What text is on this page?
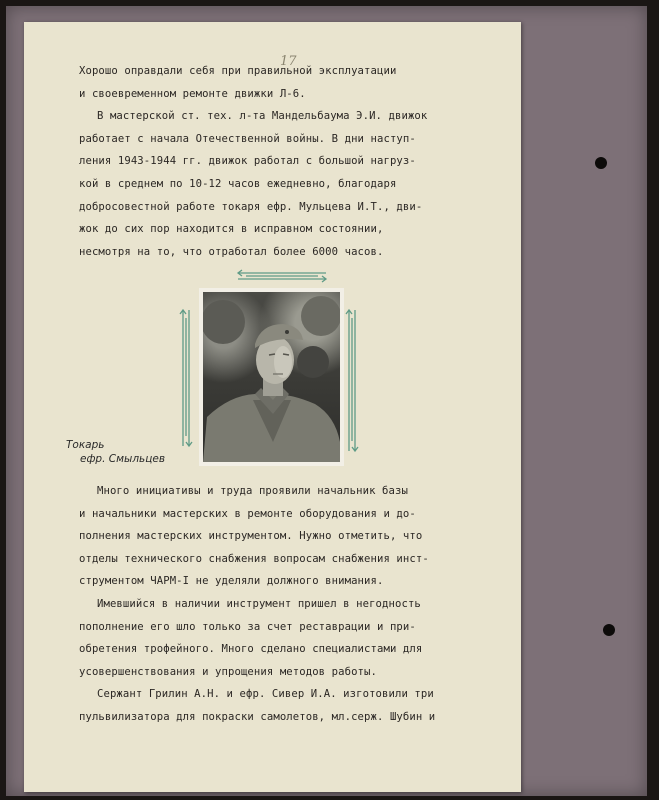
17

Хорошо оправдали себя при правильной эксплуатации

и своевременном ремонте движки Л-6.

В мастерской ст. тех. л-та Мандельбаума Э.И. движок

работает с начала Отечественной войны. В дни наступ-

ления 1943-1944 гг. движок работал с большой нагруз-

кой в среднем по 10-12 часов ежедневно, благодаря

добросовестной работе токаря ефр. Мульцева И.Т., дви-

жок до сих пор находится в исправном состоянии,

несмотря на то, что отработал более 6000 часов.

Токарь
ефр. Смыльцев

Много инициативы и труда проявили начальник базы

и начальники мастерских в ремонте оборудования и до-

полнения мастерских инструментом. Нужно отметить, что

отделы технического снабжения вопросам снабжения инст-

струментом ЧАРМ-I не уделяли должного внимания.

Имевшийся в наличии инструмент пришел в негодность

пополнение его шло только за счет реставрации и при-

обретения трофейного. Много сделано специалистами для

усовершенствования и упрощения методов работы.

Сержант Грилин А.Н. и ефр. Сивер И.А. изготовили три

пульвилизатора для покраски самолетов, мл.серж. Шубин и
